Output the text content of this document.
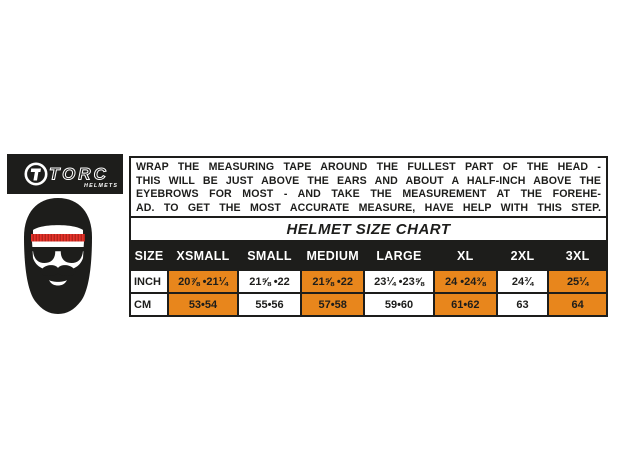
TORC
HELMETS
WRAP THE MEASURING TAPE AROUND THE FULLEST PART OF THE HEAD -
THIS WILL BE JUST ABOVE THE EARS AND ABOUT A HALF-INCH ABOVE THE
EYEBROWS FOR MOST - AND TAKE THE MEASUREMENT AT THE FOREHE-
AD. TO GET THE MOST ACCURATE MEASURE, HAVE HELP WITH THIS STEP.
HELMET SIZE CHART							
SIZE	XSMALL	SMALL	MEDIUM	LARGE	XL	2XL	3XL
INCH	20⅞ •21¼	21⅝ •22	21⅝ •22	23¼ •23⅝	24 •24⅜	24¾	25¼
CM	53•54	55•56	57•58	59•60	61•62	63	64
